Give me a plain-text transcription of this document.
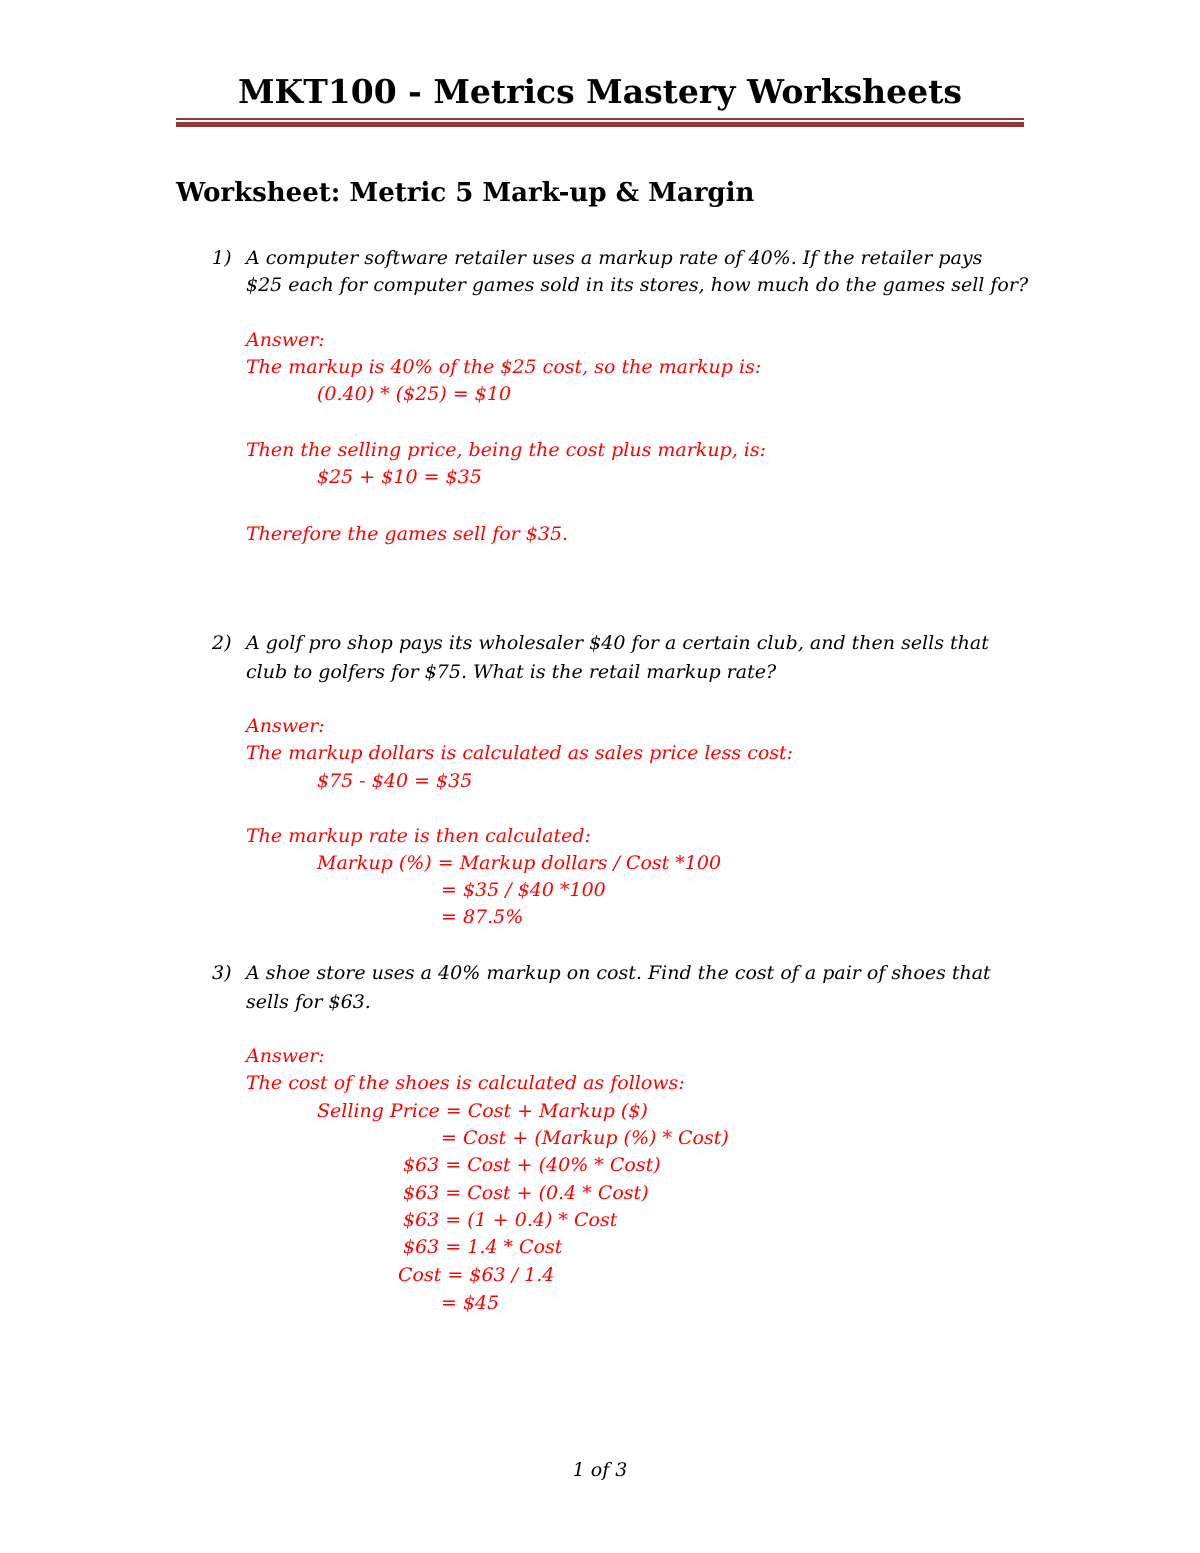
MKT100 - Metrics Mastery Worksheets
Worksheet: Metric 5 Mark-up & Margin
1) A computer software retailer uses a markup rate of 40%. If the retailer pays
$25 each for computer games sold in its stores, how much do the games sell for?
Answer:
The markup is 40% of the $25 cost, so the markup is:
(0.40) * ($25) = $10
Then the selling price, being the cost plus markup, is:
$25 + $10 = $35
Therefore the games sell for $35.
2) A golf pro shop pays its wholesaler $40 for a certain club, and then sells that
club to golfers for $75. What is the retail markup rate?
Answer:
The markup dollars is calculated as sales price less cost:
$75 - $40 = $35
The markup rate is then calculated:
Markup (%) = Markup dollars / Cost *100
= $35 / $40 *100
= 87.5%
3) A shoe store uses a 40% markup on cost. Find the cost of a pair of shoes that
sells for $63.
Answer:
The cost of the shoes is calculated as follows:
Selling Price = Cost + Markup ($)
= Cost + (Markup (%) * Cost)
$63 = Cost + (40% * Cost)
$63 = Cost + (0.4 * Cost)
$63 = (1 + 0.4) * Cost
$63 = 1.4 * Cost
Cost = $63 / 1.4
= $45
1 of 3
